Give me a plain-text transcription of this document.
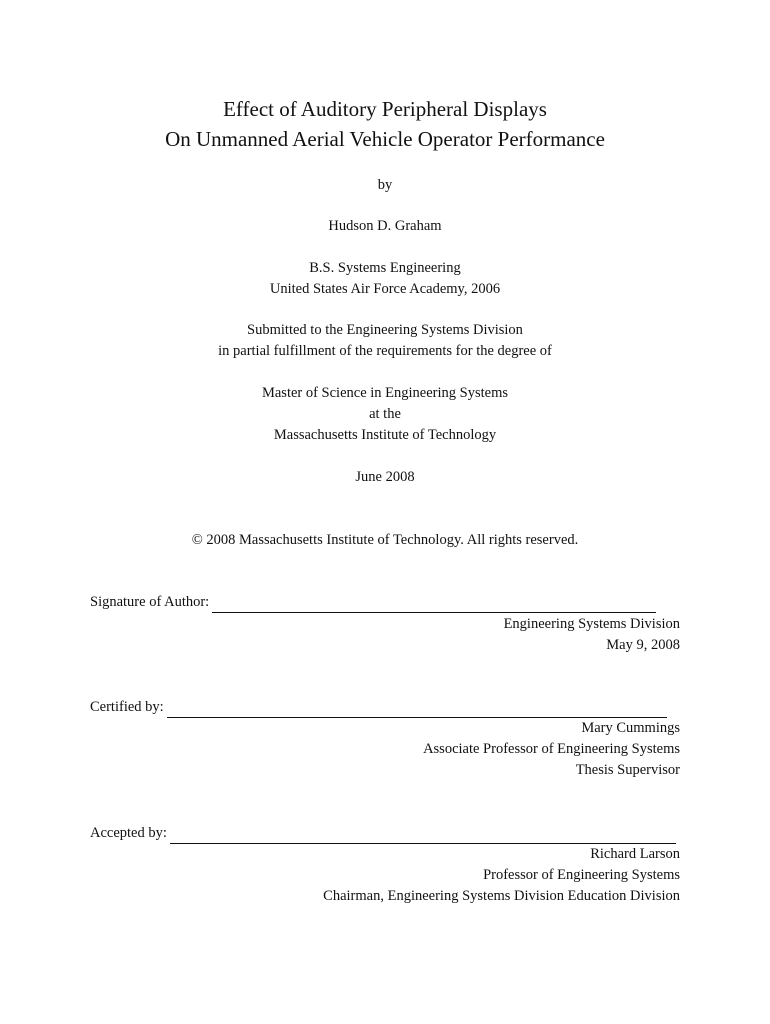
Effect of Auditory Peripheral Displays
On Unmanned Aerial Vehicle Operator Performance
by
Hudson D. Graham
B.S. Systems Engineering
United States Air Force Academy, 2006
Submitted to the Engineering Systems Division
in partial fulfillment of the requirements for the degree of
Master of Science in Engineering Systems
at the
Massachusetts Institute of Technology
June 2008
© 2008 Massachusetts Institute of Technology. All rights reserved.
Signature of Author:
Engineering Systems Division
May 9, 2008
Certified by:
Mary Cummings
Associate Professor of Engineering Systems
Thesis Supervisor
Accepted by:
Richard Larson
Professor of Engineering Systems
Chairman, Engineering Systems Division Education Division
